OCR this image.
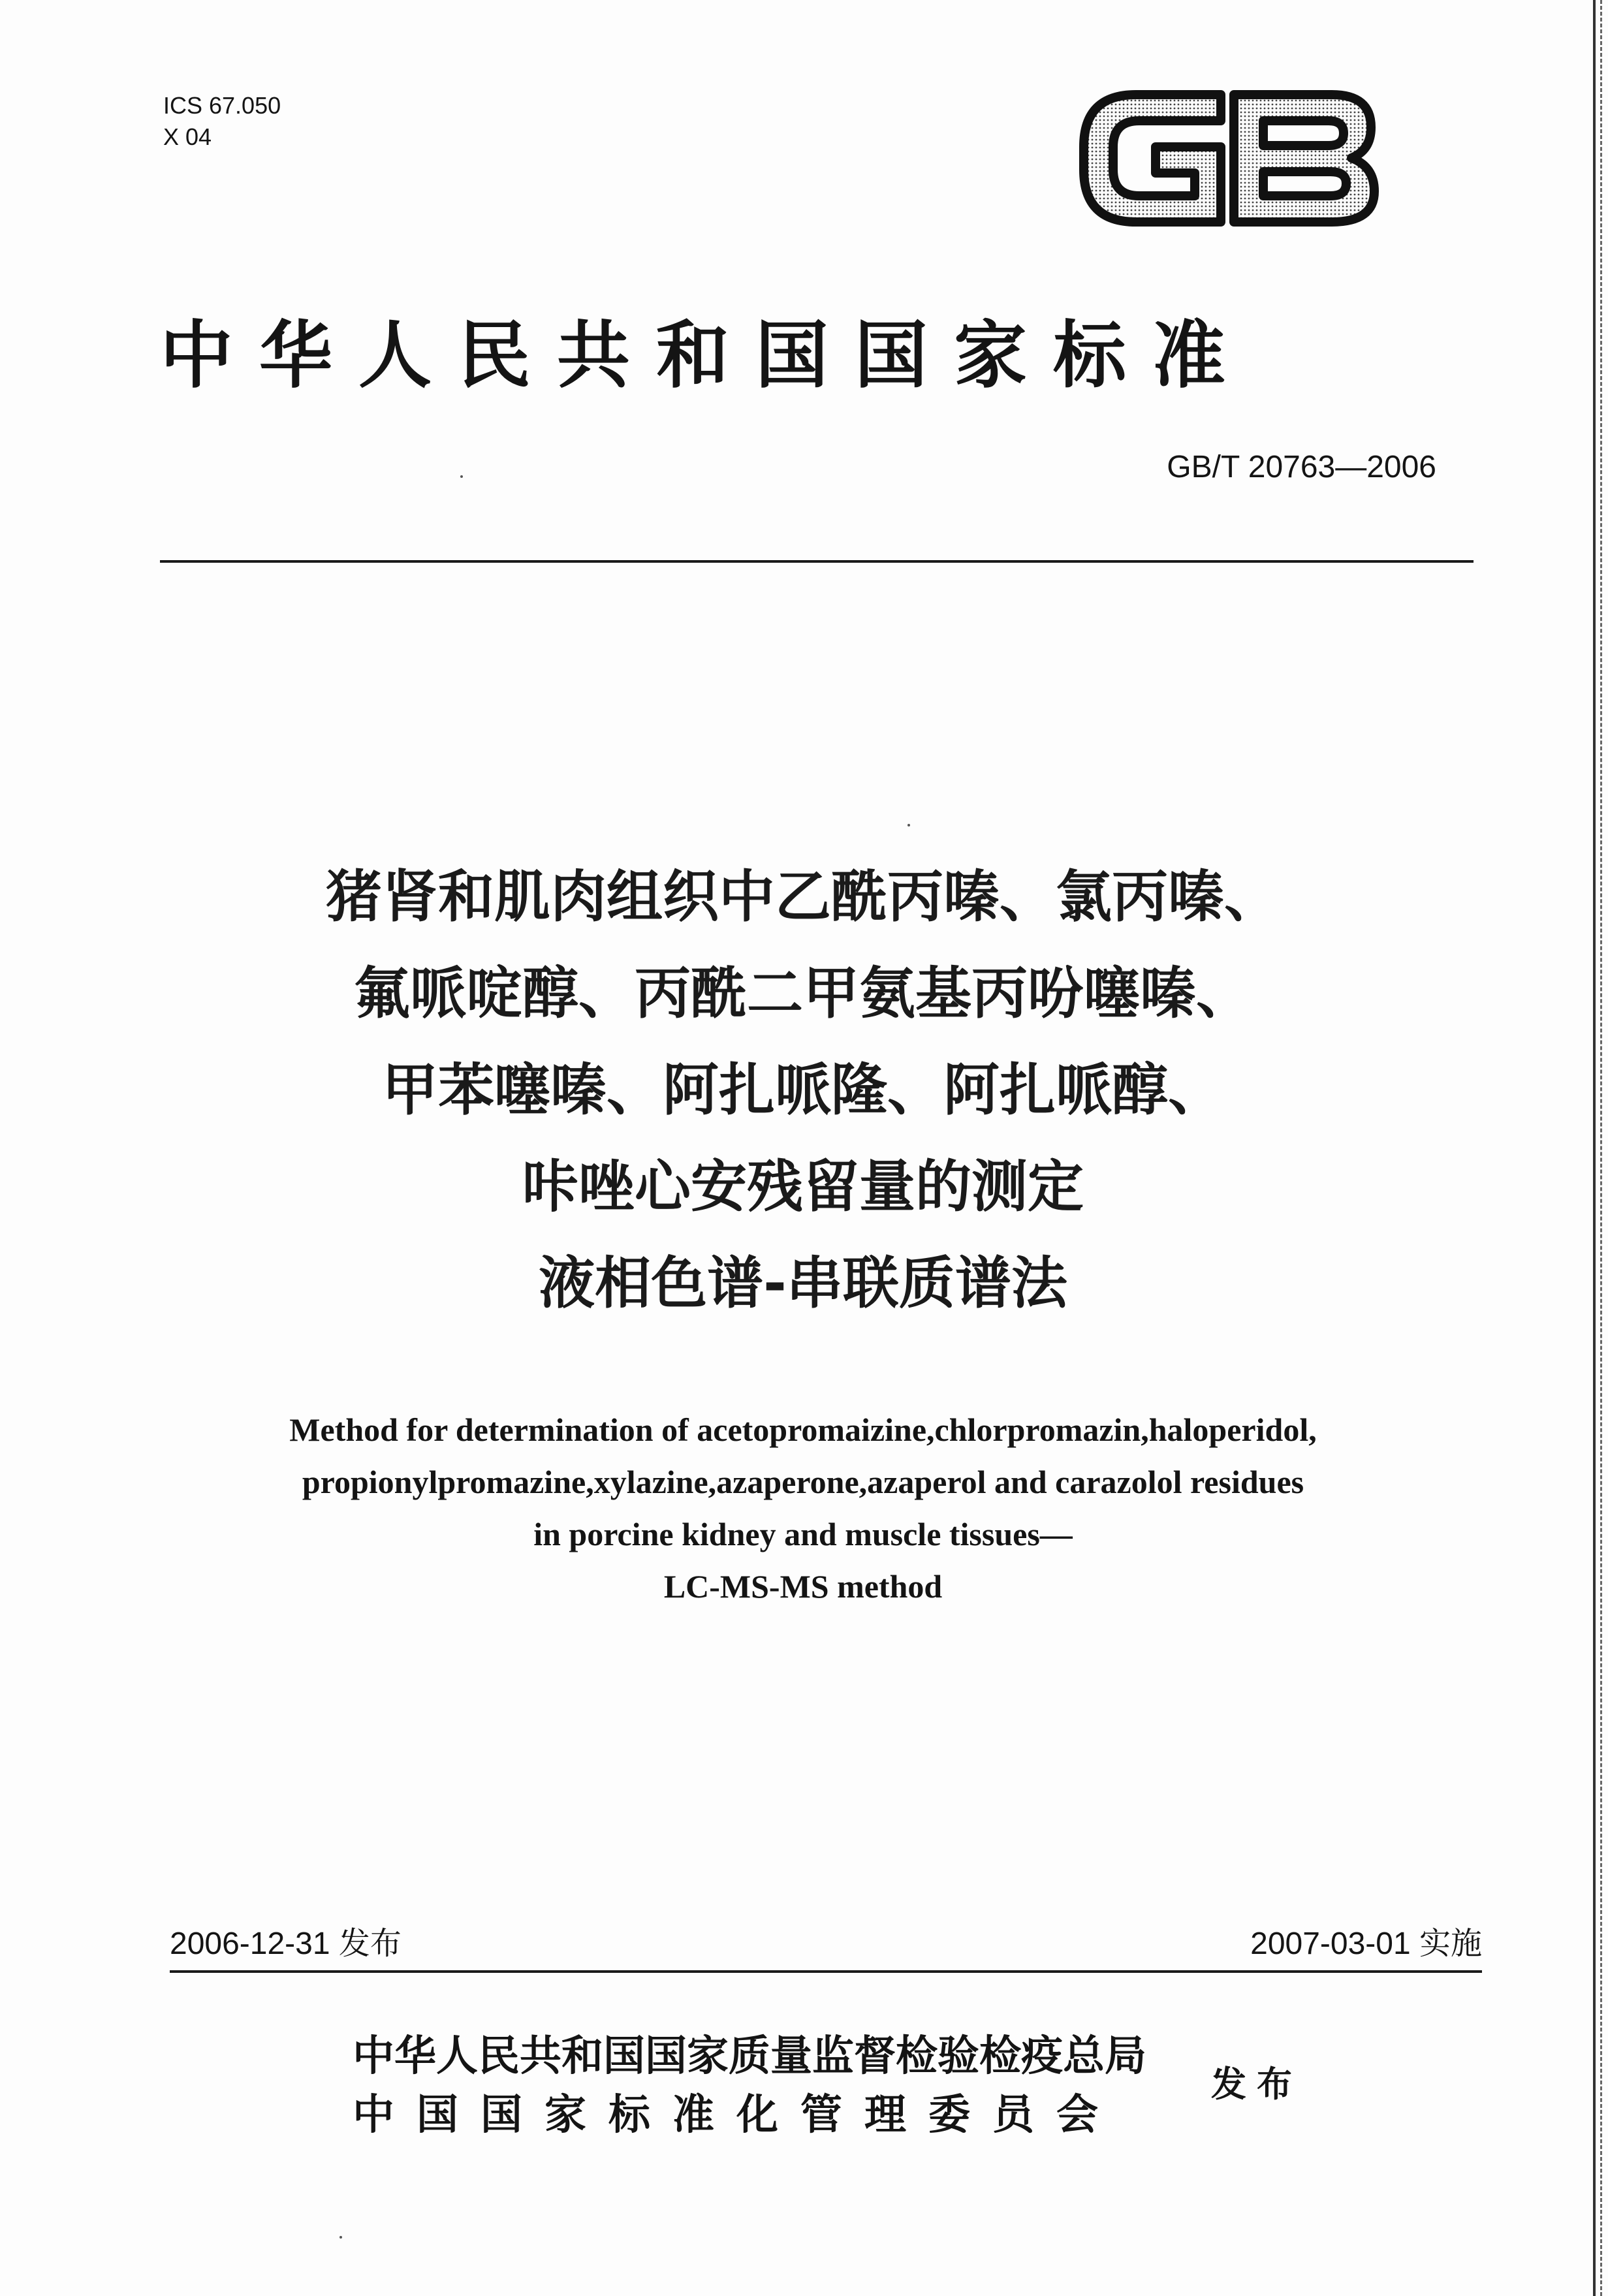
ICS 67.050
X 04
中华人民共和国国家标准
GB/T 20763—2006
猪肾和肌肉组织中乙酰丙嗪、氯丙嗪、
氟哌啶醇、丙酰二甲氨基丙吩噻嗪、
甲苯噻嗪、阿扎哌隆、阿扎哌醇、
咔唑心安残留量的测定
液相色谱-串联质谱法
Method for determination of acetopromaizine,chlorpromazin,haloperidol,
propionylpromazine,xylazine,azaperone,azaperol and carazolol residues
in porcine kidney and muscle tissues—
LC-MS-MS method
2006-12-31 发布	2007-03-01 实施
中华人民共和国国家质量监督检验检疫总局
中国国家标准化管理委员会
发布
